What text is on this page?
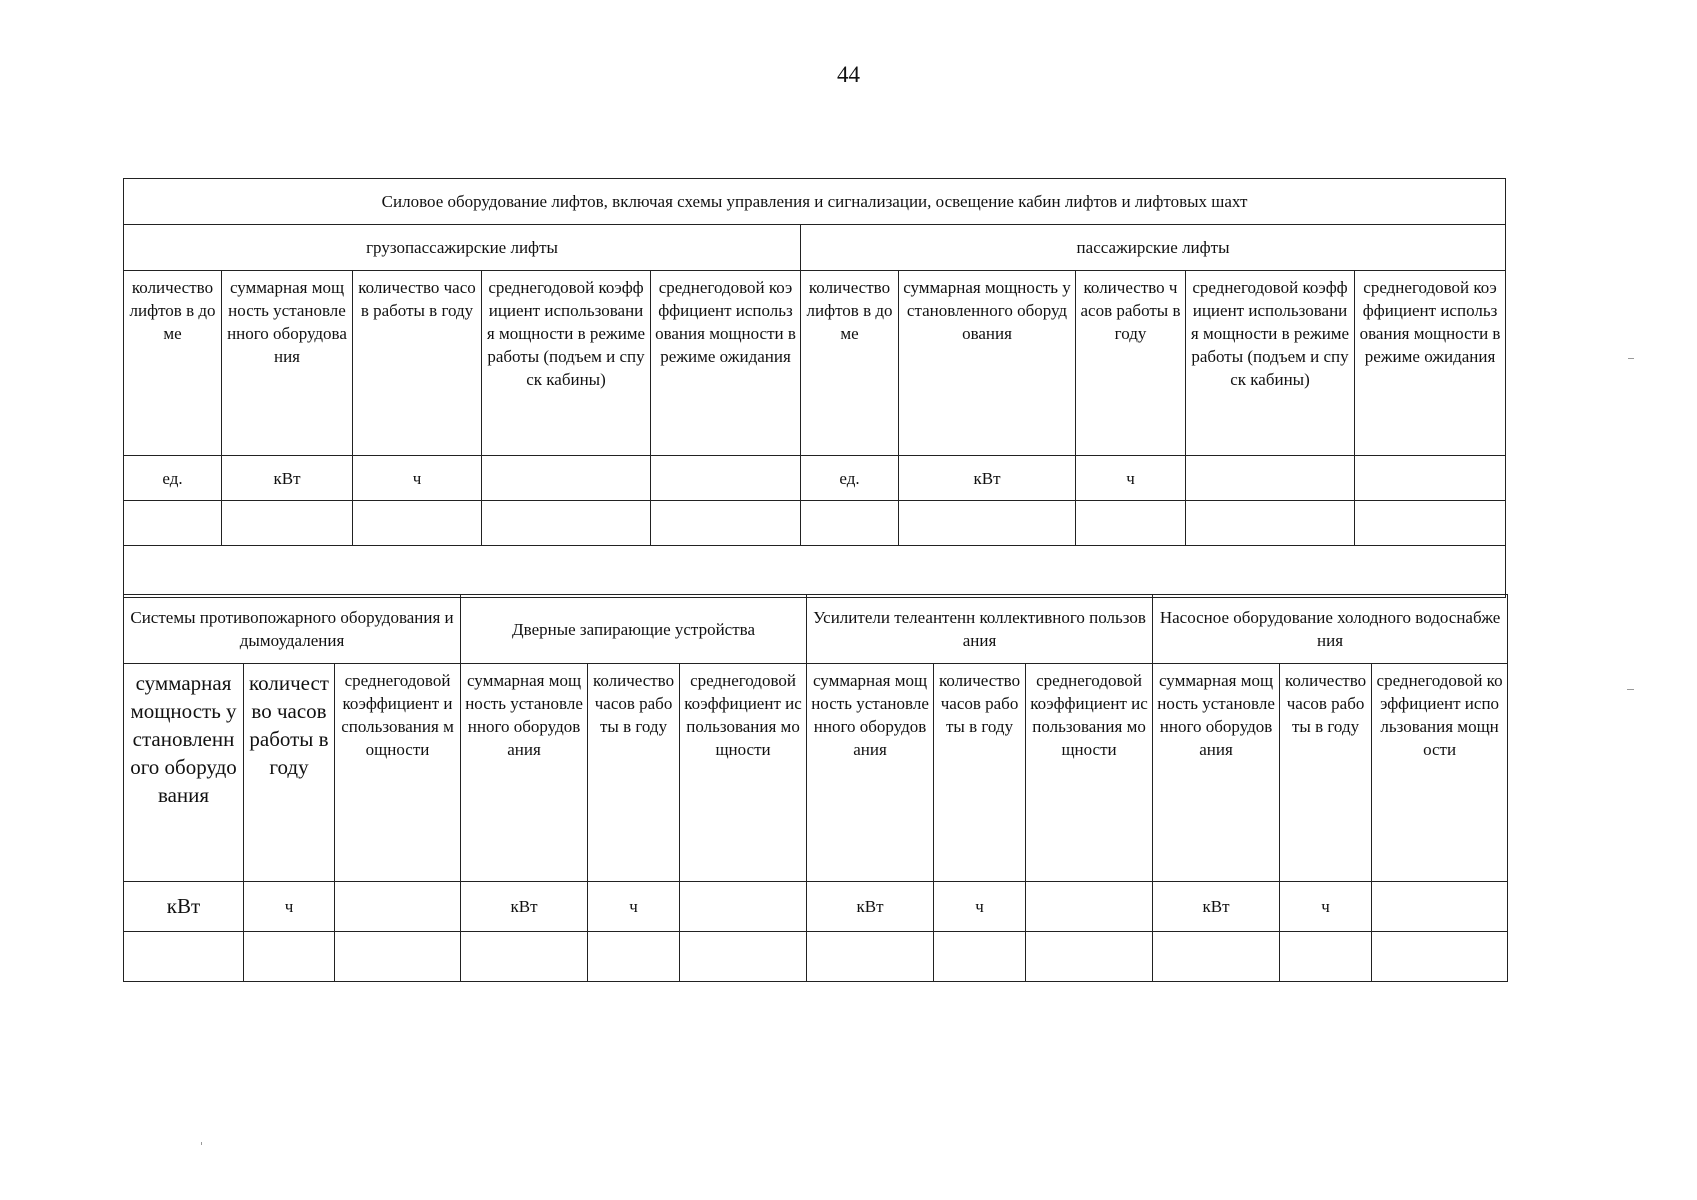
44
Силовое оборудование лифтов, включая схемы управления и сигнализации, освещение кабин лифтов и лифтовых шахт									
грузопассажирские лифты					пассажирские лифты				
количество лифтов в доме	суммарная мощность установленного оборудования	количество часов работы в году	среднегодовой коэффициент использования мощности в режиме работы (подъем и спуск кабины)	среднегодовой коэффициент использования мощности в режиме ожидания	количество лифтов в доме	суммарная мощность установленного оборудования	количество часов работы в году	среднегодовой коэффициент использования мощности в режиме работы (подъем и спуск кабины)	среднегодовой коэффициент использования мощности в режиме ожидания
ед.	кВт	ч			ед.	кВт	ч		

Системы противопожарного оборудования и дымоудаления			Дверные запирающие устройства			Усилители телеантенн коллективного пользования			Насосное оборудование холодного водоснабжения		
суммарная мощность установленного оборудования	количество часов работы в году	среднегодовой коэффициент использования мощности	суммарная мощность установленного оборудования	количество часов работы в году	среднегодовой коэффициент использования мощности	суммарная мощность установленного оборудования	количество часов работы в году	среднегодовой коэффициент использования мощности	суммарная мощность установленного оборудования	количество часов работы в году	среднегодовой коэффициент использования мощности
кВт	ч		кВт	ч		кВт	ч		кВт	ч	
